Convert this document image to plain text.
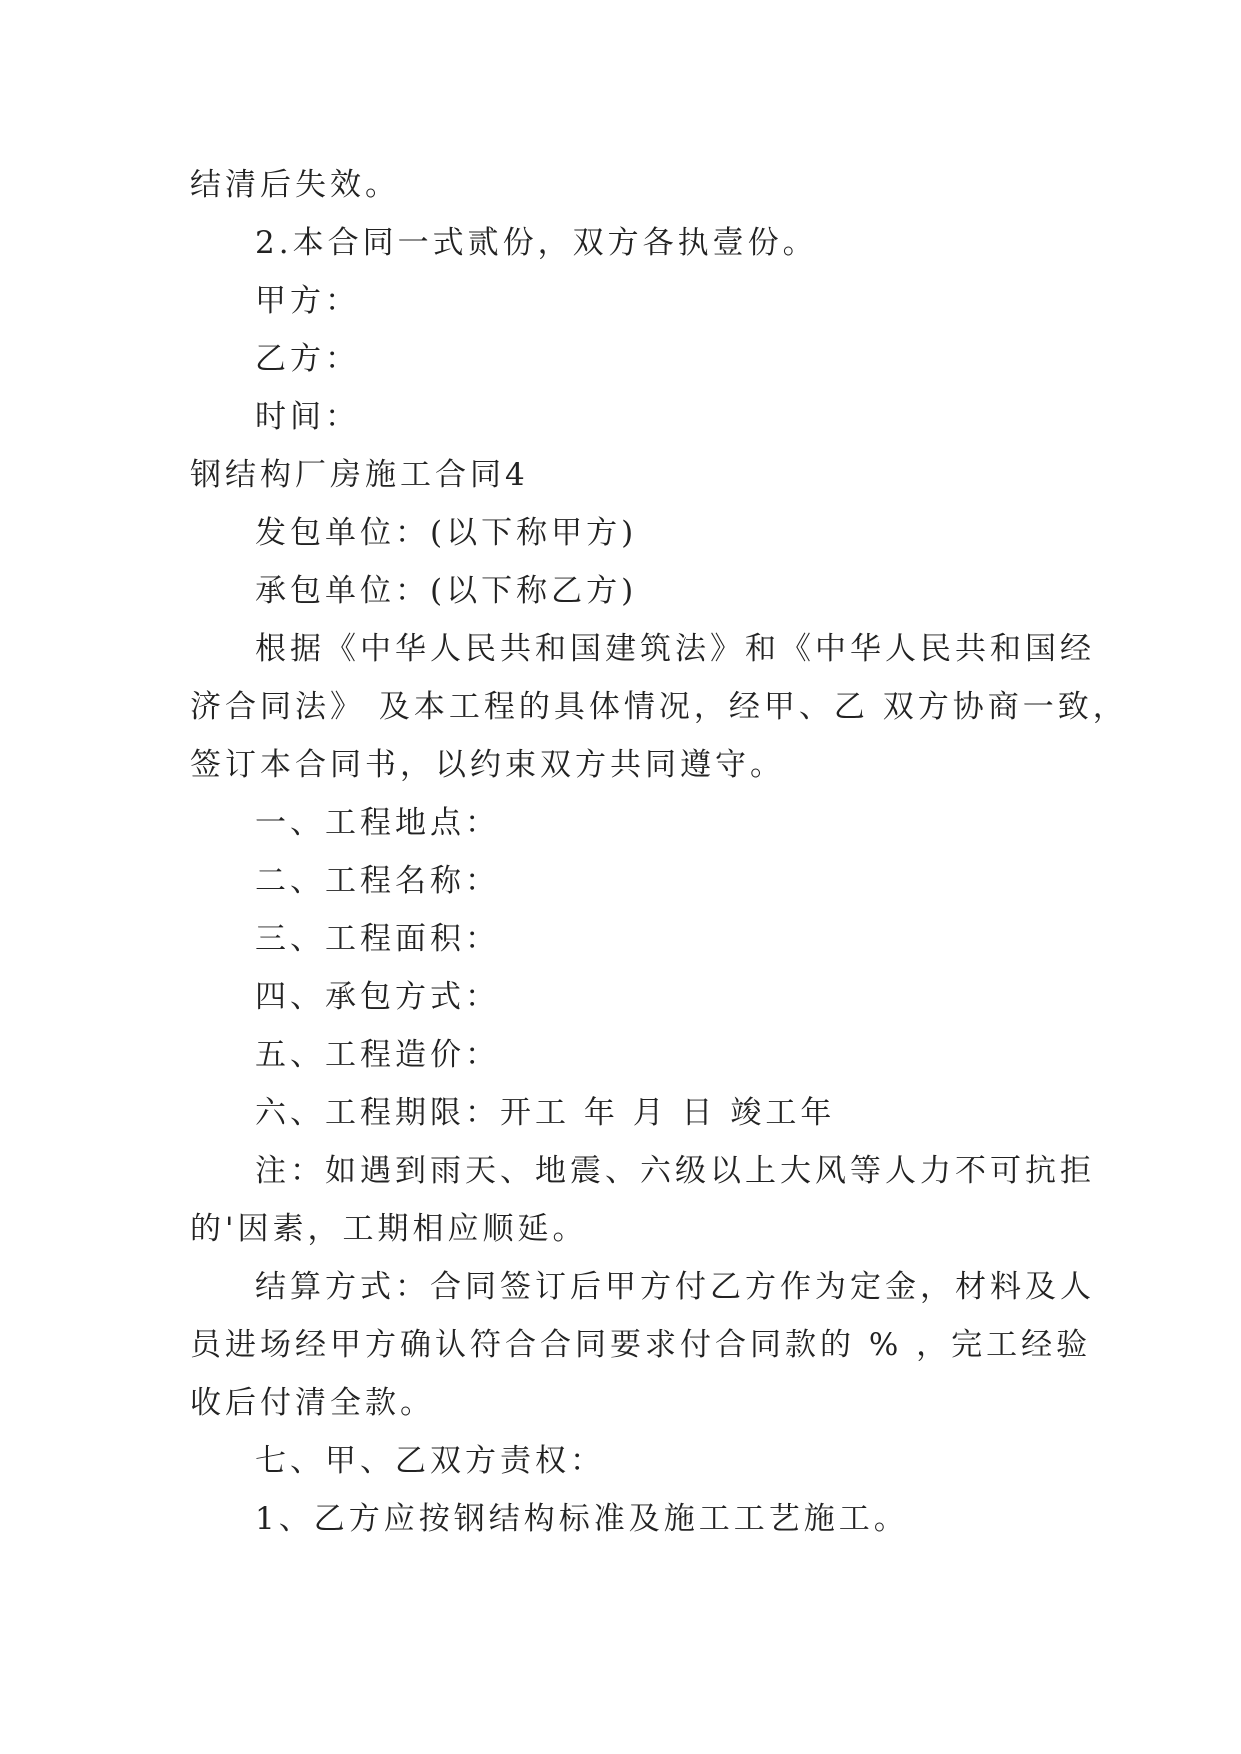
结清后失效。
2.本合同一式贰份，双方各执壹份。
甲方：
乙方：
时间：
钢结构厂房施工合同4
发包单位：(以下称甲方)
承包单位：(以下称乙方)
根据《中华人民共和国建筑法》和《中华人民共和国经
济合同法》 及本工程的具体情况，经甲、乙 双方协商一致，
签订本合同书，以约束双方共同遵守。
一、工程地点：
二、工程名称：
三、工程面积：
四、承包方式：
五、工程造价：
六、工程期限：开工 年 月 日 竣工年
注：如遇到雨天、地震、六级以上大风等人力不可抗拒
的'因素，工期相应顺延。
结算方式：合同签订后甲方付乙方作为定金，材料及人
员进场经甲方确认符合合同要求付合同款的 % ，完工经验
收后付清全款。
七、甲、乙双方责权：
1、乙方应按钢结构标准及施工工艺施工。
